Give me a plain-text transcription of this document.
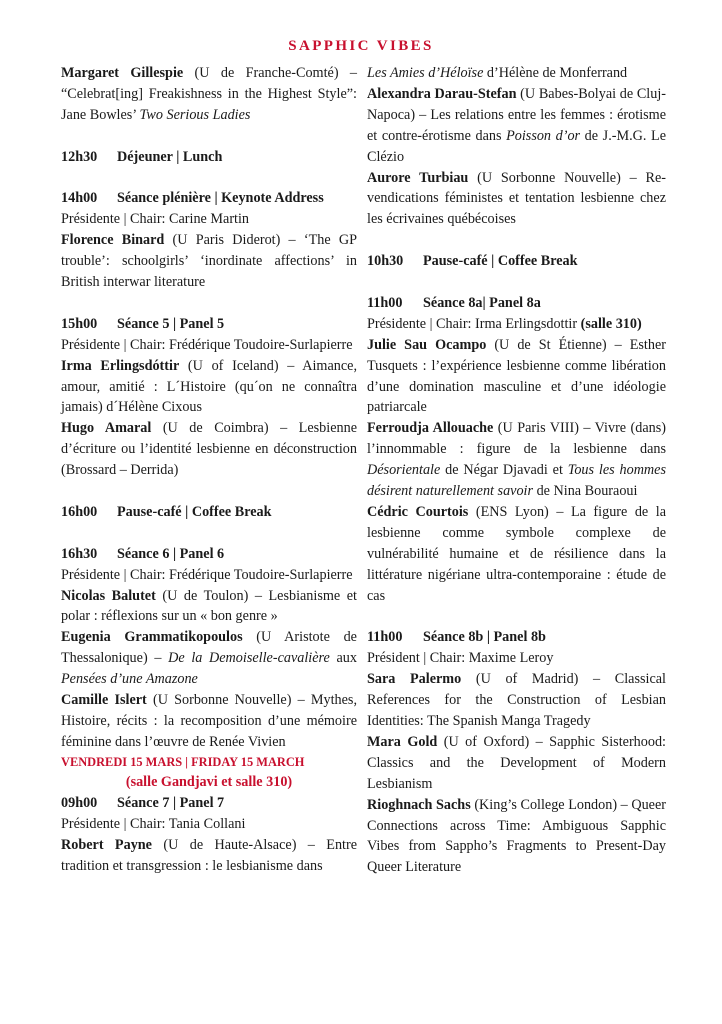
SAPPHIC VIBES

Margaret Gillespie (U de Franche-Comté) – “Celebrat[ing] Freakishness in the Highest Style”: Jane Bowles’ Two Serious Ladies

12h30 Déjeuner | Lunch

14h00 Séance plénière | Keynote Address

Présidente | Chair: Carine Martin

Florence Binard (U Paris Diderot) – ‘The GP trouble’: schoolgirls’ ‘inordinate affections’ in British interwar literature

15h00 Séance 5 | Panel 5

Présidente | Chair: Frédérique Toudoire-Surlapierre

Irma Erlingsdóttir (U of Iceland) – Aimance, amour, amitié : L´Histoire (qu´on ne connaîtra jamais) d´Hélène Cixous

Hugo Amaral (U de Coimbra) – Lesbienne d’écriture ou l’identité lesbienne en déconstruction (Brossard – Derrida)

16h00 Pause-café | Coffee Break

16h30 Séance 6 | Panel 6

Présidente | Chair: Frédérique Toudoire-Surlapierre

Nicolas Balutet (U de Toulon) – Lesbianisme et polar : réflexions sur un « bon genre »

Eugenia Grammatikopoulos (U Aristote de Thessalonique) – De la Demoiselle-cavalière aux Pensées d’une Amazone

Camille Islert (U Sorbonne Nouvelle) – Mythes, Histoire, récits : la recomposition d’une mémoire féminine dans l’œuvre de Renée Vivien

VENDREDI 15 MARS | FRIDAY 15 MARCH

(salle Gandjavi et salle 310)

09h00 Séance 7 | Panel 7

Présidente | Chair: Tania Collani

Robert Payne (U de Haute-Alsace) – Entre tradition et transgression : le lesbianisme dans

Les Amies d’Héloïse d’Hélène de Monferrand

Alexandra Darau-Stefan (U Babes-Bolyai de Cluj-Napoca) – Les relations entre les femmes : érotisme et contre-érotisme dans Poisson d’or de J.-M.G. Le Clézio

Aurore Turbiau (U Sorbonne Nouvelle) – Re-vendications féministes et tentation lesbienne chez les écrivaines québécoises

10h30 Pause-café | Coffee Break

11h00 Séance 8a| Panel 8a

Présidente | Chair: Irma Erlingsdottir (salle 310)

Julie Sau Ocampo (U de St Étienne) – Esther Tusquets : l’expérience lesbienne comme libération d’une domination masculine et d’une idéologie patriarcale

Ferroudja Allouache (U Paris VIII) – Vivre (dans) l’innommable : figure de la lesbienne dans Désorientale de Négar Djavadi et Tous les hommes désirent naturellement savoir de Nina Bouraoui

Cédric Courtois (ENS Lyon) – La figure de la lesbienne comme symbole complexe de vulnérabilité humaine et de résilience dans la littérature nigériane ultra-contemporaine : étude de cas

11h00 Séance 8b | Panel 8b

Président | Chair: Maxime Leroy

Sara Palermo (U of Madrid) – Classical References for the Construction of Lesbian Identities: The Spanish Manga Tragedy

Mara Gold (U of Oxford) – Sapphic Sisterhood: Classics and the Development of Modern Lesbianism

Rioghnach Sachs (King’s College London) – Queer Connections across Time: Ambiguous Sapphic Vibes from Sappho’s Fragments to Present-Day Queer Literature
